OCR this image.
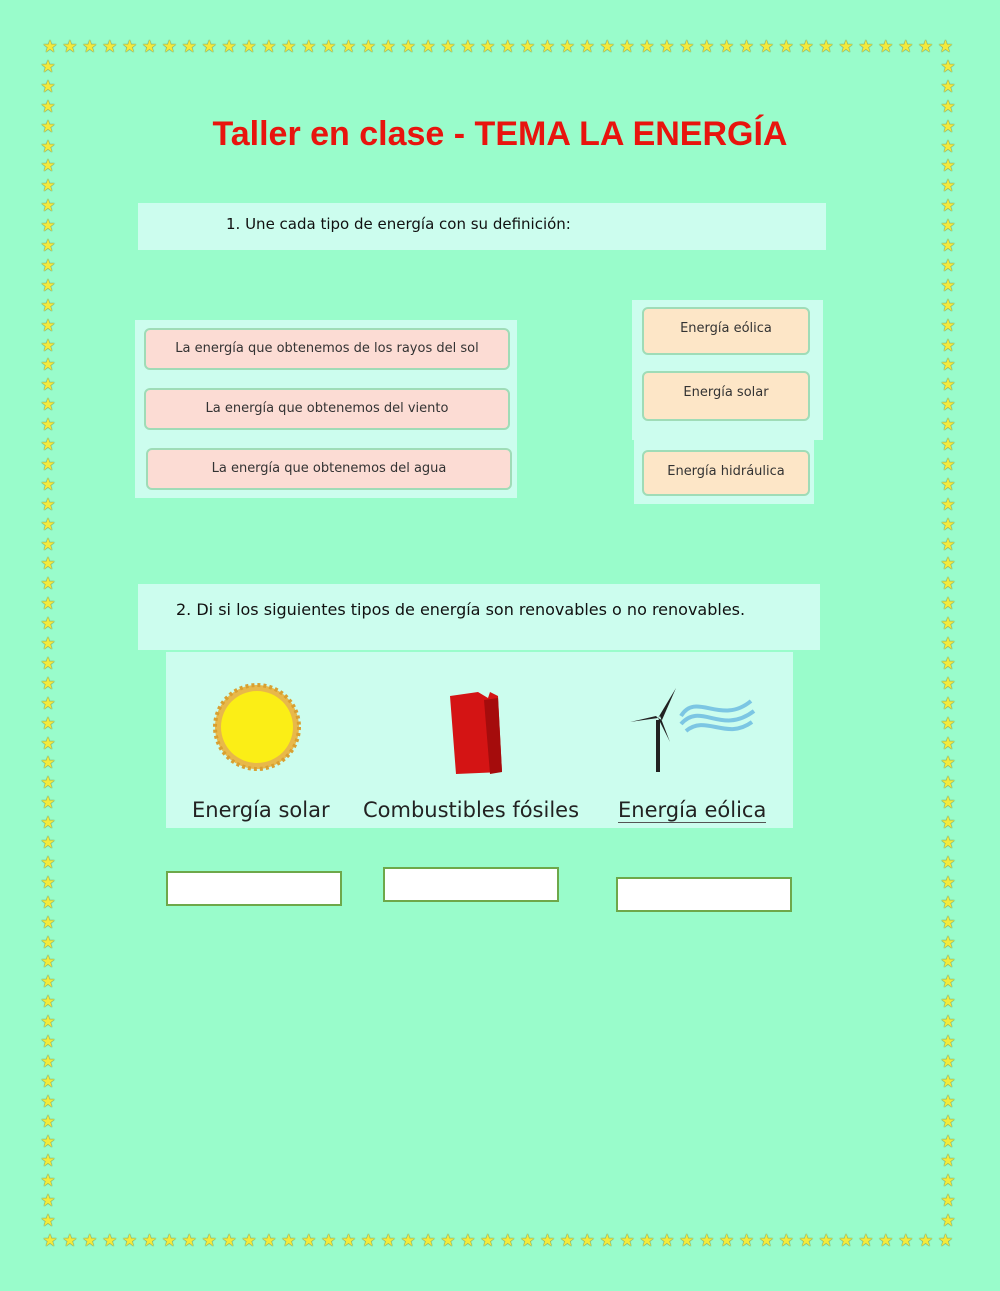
★
★
★
★
★
★
★
★
★
★
★
★
★
★
★
★
★
★
★
★
★
★
★
★
★
★
★
★
★
★
★
★
★
★
★
★
★
★
★
★
★
★
★
★
★
★
★
★
★
★
★
★
★
★
★
★
★
★
★
★
★
★
★
★
★
★
★
★
★
★
★
★
★
★
★
★
★
★
★
★
★
★
★
★
★
★
★
★
★
★
★
★
★	★
★	★
★	★
★	★
★	★
★	★
★	★
★	★
★	★
★	★
★	★
★	★
★	★
★	★
★	★
★	★
★	★
★	★
★	★
★	★
★	★
★	★
★	★
★	★
★	★
★	★
★	★
★	★
★	★
★	★
★	★
★	★
★	★
★	★
★	★
★	★
★	★
★	★
★	★
★	★
★	★
★	★
★	★
★	★
★	★
★	★
★	★
★	★
★	★
★	★
★	★
★	★
★	★
★	★
★	★
★	★
★	★
★	★
★	★
Taller en clase - TEMA LA ENERGÍA
1. Une cada tipo de energía con su definición:
La energía que obtenemos de los rayos del sol
La energía que obtenemos del viento
La energía que obtenemos del agua
Energía eólica
Energía solar
Energía hidráulica
2. Di si los siguientes tipos de energía son renovables o no renovables.
Energía solar Combustibles fósiles Energía eólica
